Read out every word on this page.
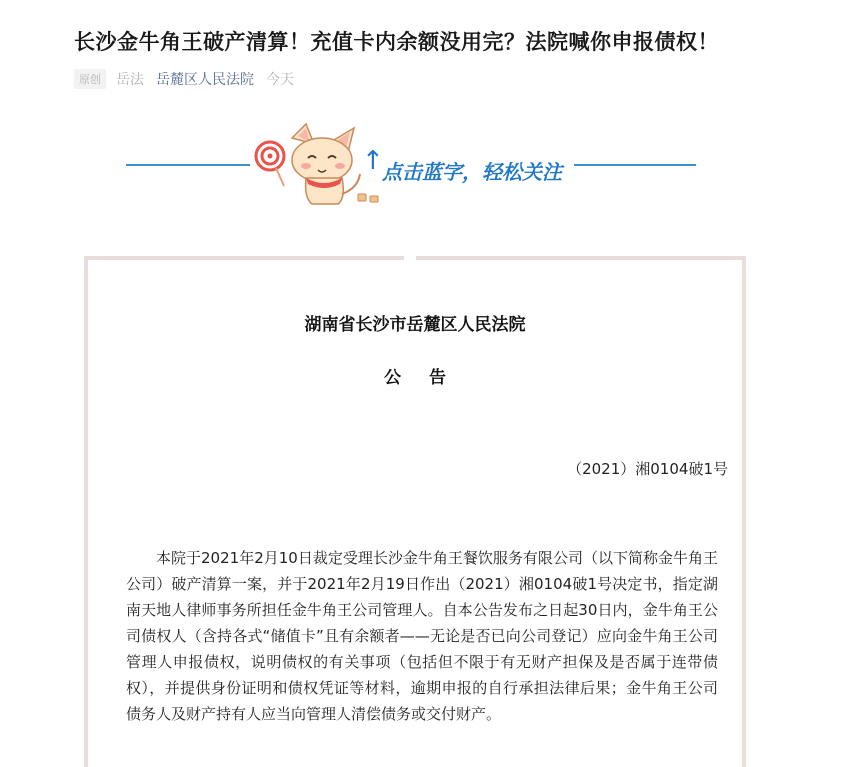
长沙金牛角王破产清算！充值卡内余额没用完？法院喊你申报债权！
原创	岳法 岳麓区人民法院 今天
↑
点击蓝字，轻松关注
湖南省长沙市岳麓区人民法院
公告
（2021）湘0104破1号

本院于2021年2月10日裁定受理长沙金牛角王餐饮服务有限公司（以下简称金牛角王公司）破产清算一案，并于2021年2月19日作出（2021）湘0104破1号决定书，指定湖南天地人律师事务所担任金牛角王公司管理人。自本公告发布之日起30日内，金牛角王公司债权人（含持各式“储值卡”且有余额者——无论是否已向公司登记）应向金牛角王公司管理人申报债权，说明债权的有关事项（包括但不限于有无财产担保及是否属于连带债权），并提供身份证明和债权凭证等材料，逾期申报的自行承担法律后果；金牛角王公司债务人及财产持有人应当向管理人清偿债务或交付财产。
